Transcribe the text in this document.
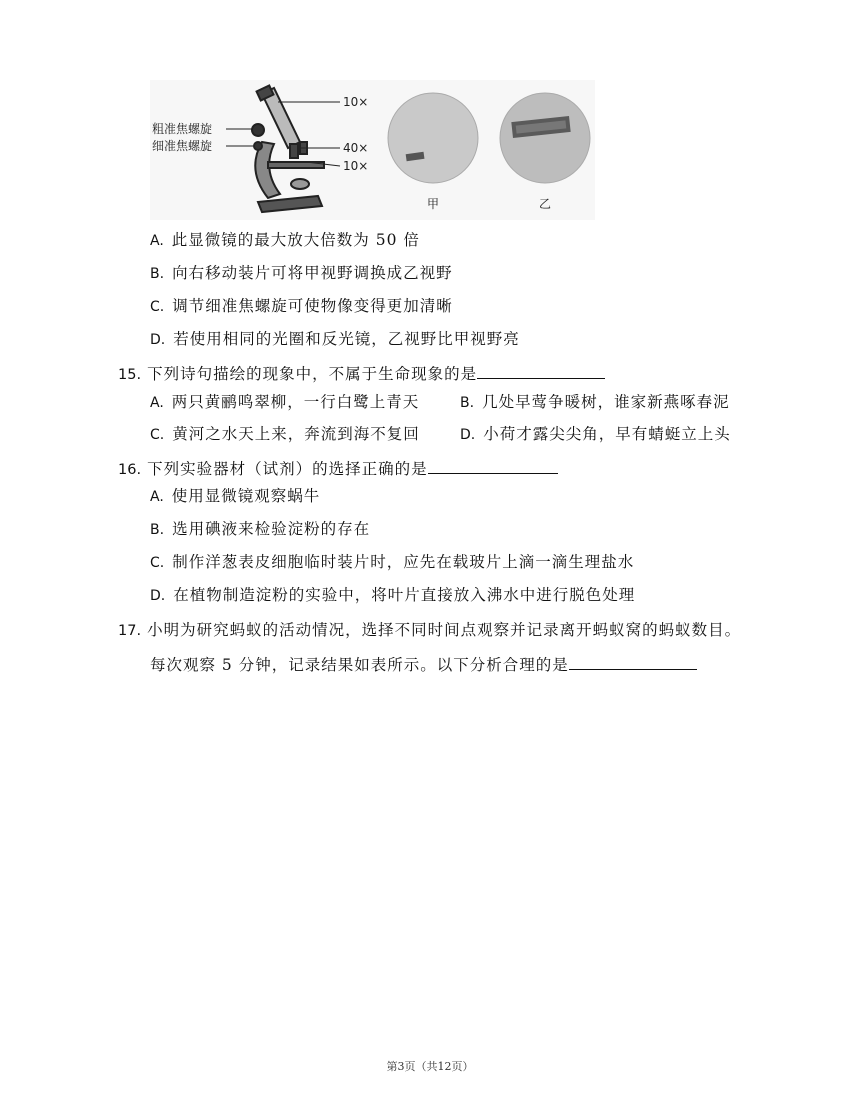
粗准焦螺旋
细准焦螺旋
10×
40×
10×
甲	乙
A. 此显微镜的最大放大倍数为 50 倍
B. 向右移动装片可将甲视野调换成乙视野
C. 调节细准焦螺旋可使物像变得更加清晰
D. 若使用相同的光圈和反光镜，乙视野比甲视野亮
15. 下列诗句描绘的现象中，不属于生命现象的是
A. 两只黄鹂鸣翠柳，一行白鹭上青天	B. 几处早莺争暖树，谁家新燕啄春泥
C. 黄河之水天上来，奔流到海不复回	D. 小荷才露尖尖角，早有蜻蜓立上头
16. 下列实验器材（试剂）的选择正确的是
A. 使用显微镜观察蜗牛
B. 选用碘液来检验淀粉的存在
C. 制作洋葱表皮细胞临时装片时，应先在载玻片上滴一滴生理盐水
D. 在植物制造淀粉的实验中，将叶片直接放入沸水中进行脱色处理
17. 小明为研究蚂蚁的活动情况，选择不同时间点观察并记录离开蚂蚁窝的蚂蚁数目。
每次观察 5 分钟，记录结果如表所示。以下分析合理的是
第3页（共12页）
